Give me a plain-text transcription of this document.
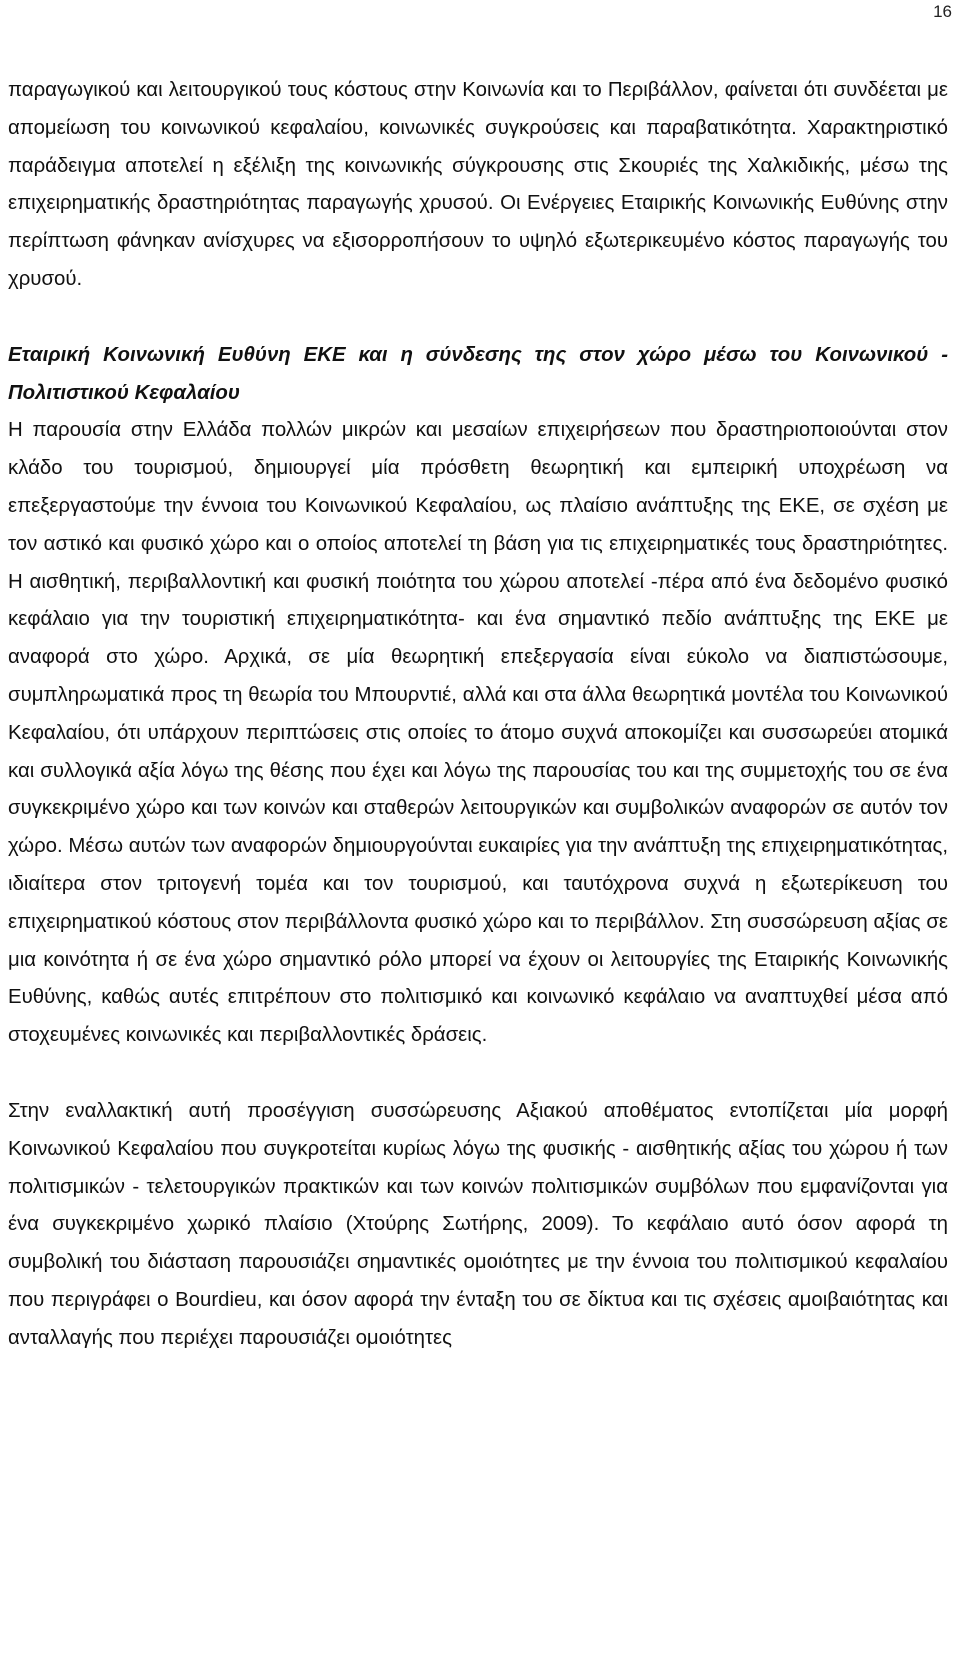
16

παραγωγικού και λειτουργικού τους κόστους στην Κοινωνία και το Περιβάλλον, φαίνεται ότι συνδέεται με απομείωση του κοινωνικού κεφαλαίου, κοινωνικές συγκρούσεις και παραβατικότητα. Χαρακτηριστικό παράδειγμα αποτελεί η εξέλιξη της κοινωνικής σύγκρουσης στις Σκουριές της Χαλκιδικής, μέσω της επιχειρηματικής δραστηριότητας παραγωγής χρυσού. Οι Ενέργειες Εταιρικής Κοινωνικής Ευθύνης στην περίπτωση φάνηκαν ανίσχυρες να εξισορροπήσουν το υψηλό εξωτερικευμένο κόστος παραγωγής του χρυσού.

Εταιρική Κοινωνική Ευθύνη ΕΚΕ και η σύνδεσης της στον χώρο μέσω του Κοινωνικού - Πολιτιστικού Κεφαλαίου

Η παρουσία στην Ελλάδα πολλών μικρών και μεσαίων επιχειρήσεων που δραστηριοποιούνται στον κλάδο του τουρισμού, δημιουργεί μία πρόσθετη θεωρητική και εμπειρική υποχρέωση να επεξεργαστούμε την έννοια του Κοινωνικού Κεφαλαίου, ως πλαίσιο ανάπτυξης της ΕΚΕ, σε σχέση με τον αστικό και φυσικό χώρο και ο οποίος αποτελεί τη βάση για τις επιχειρηματικές τους δραστηριότητες. Η αισθητική, περιβαλλοντική και φυσική ποιότητα του χώρου αποτελεί -πέρα από ένα δεδομένο φυσικό κεφάλαιο για την τουριστική επιχειρηματικότητα- και ένα σημαντικό πεδίο ανάπτυξης της ΕΚΕ με αναφορά στο χώρο. Αρχικά, σε μία θεωρητική επεξεργασία είναι εύκολο να διαπιστώσουμε, συμπληρωματικά προς τη θεωρία του Μπουρντιέ, αλλά και στα άλλα θεωρητικά μοντέλα του Κοινωνικού Κεφαλαίου, ότι υπάρχουν περιπτώσεις στις οποίες το άτομο συχνά αποκομίζει και συσσωρεύει ατομικά και συλλογικά αξία λόγω της θέσης που έχει και λόγω της παρουσίας του και της συμμετοχής του σε ένα συγκεκριμένο χώρο και των κοινών και σταθερών λειτουργικών και συμβολικών αναφορών σε αυτόν τον χώρο. Μέσω αυτών των αναφορών δημιουργούνται ευκαιρίες για την ανάπτυξη της επιχειρηματικότητας, ιδιαίτερα στον τριτογενή τομέα και τον τουρισμού, και ταυτόχρονα συχνά η εξωτερίκευση του επιχειρηματικού κόστους στον περιβάλλοντα φυσικό χώρο και το περιβάλλον. Στη συσσώρευση αξίας σε μια κοινότητα ή σε ένα χώρο σημαντικό ρόλο μπορεί να έχουν οι λειτουργίες της Εταιρικής Κοινωνικής Ευθύνης, καθώς αυτές επιτρέπουν στο πολιτισμικό και κοινωνικό κεφάλαιο να αναπτυχθεί μέσα από στοχευμένες κοινωνικές και περιβαλλοντικές δράσεις.

Στην εναλλακτική αυτή προσέγγιση συσσώρευσης Αξιακού αποθέματος εντοπίζεται μία μορφή Κοινωνικού Κεφαλαίου που συγκροτείται κυρίως λόγω της φυσικής - αισθητικής αξίας του χώρου ή των πολιτισμικών - τελετουργικών πρακτικών και των κοινών πολιτισμικών συμβόλων που εμφανίζονται για ένα συγκεκριμένο χωρικό πλαίσιο (Χτούρης Σωτήρης, 2009). Το κεφάλαιο αυτό όσον αφορά τη συμβολική του διάσταση παρουσιάζει σημαντικές ομοιότητες με την έννοια του πολιτισμικού κεφαλαίου που περιγράφει ο Bourdieu, και όσον αφορά την ένταξη του σε δίκτυα και τις σχέσεις αμοιβαιότητας και ανταλλαγής που περιέχει παρουσιάζει ομοιότητες
